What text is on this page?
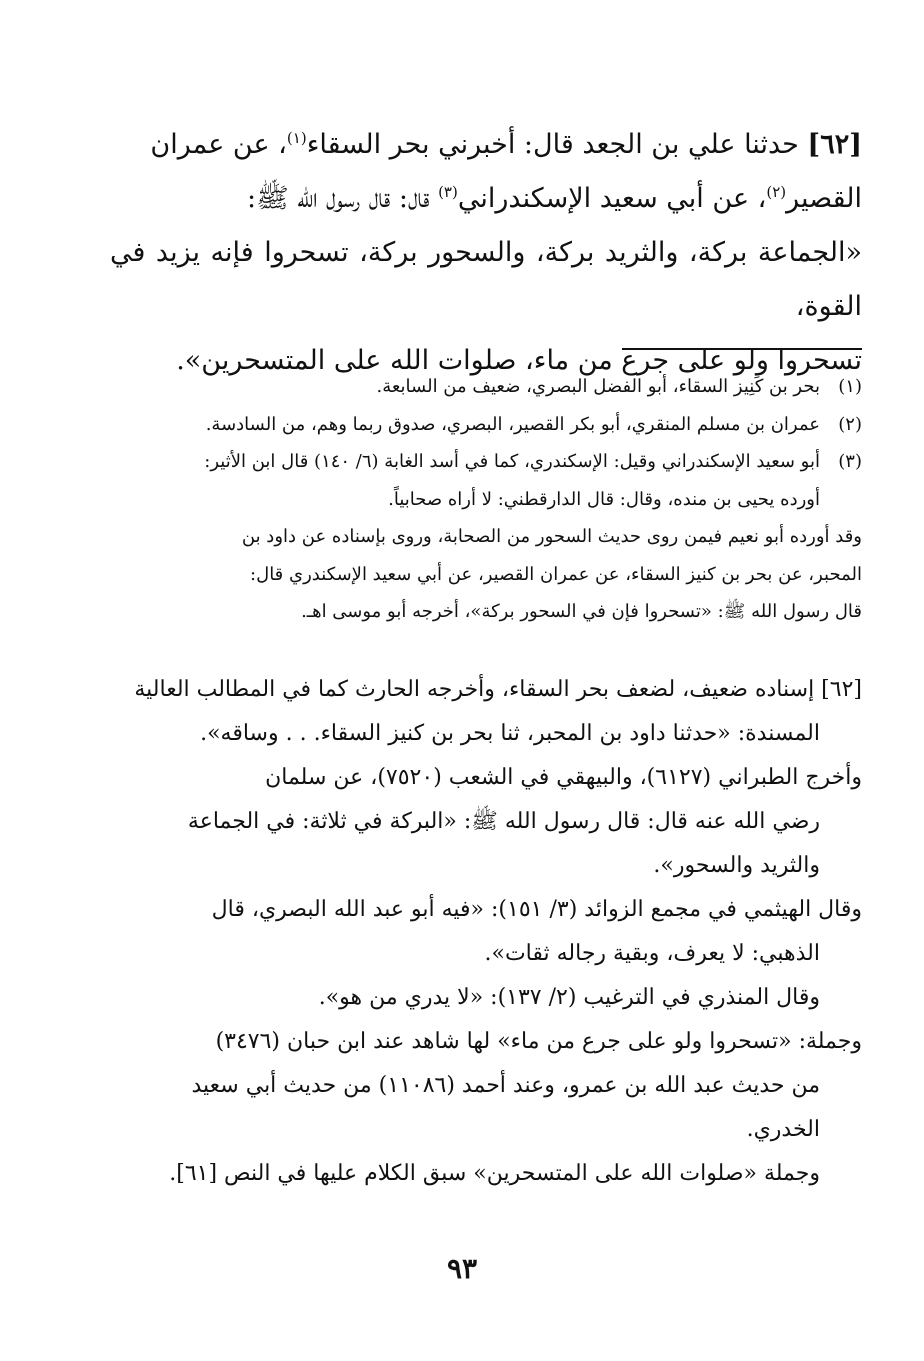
[٦٢] حدثنا علي بن الجعد قال: أخبرني بحر السقاء$^{(١)}$، عن عمران

القصير$^{(٢)}$، عن أبي سعيد الإسكندراني$^{(٣)}$ قال: قال رسول الله ﷺ:

«الجماعة بركة، والثريد بركة، والسحور بركة، تسحروا فإنه يزيد في القوة،

تسحروا ولو على جرع من ماء، صلوات الله على المتسحرين».

(١)
بحر بن كَنِيز السقاء، أبو الفضل البصري، ضعيف من السابعة.
(٢)
عمران بن مسلم المنقري، أبو بكر القصير، البصري، صدوق ربما وهم، من السادسة.
(٣)
أبو سعيد الإسكندراني وقيل: الإسكندري، كما في أسد الغابة (٦/ ١٤٠) قال ابن الأثير:
أورده يحيى بن منده، وقال: قال الدارقطني: لا أراه صحابياً.
وقد أورده أبو نعيم فيمن روى حديث السحور من الصحابة، وروى بإسناده عن داود بن
المحبر، عن بحر بن كنيز السقاء، عن عمران القصير، عن أبي سعيد الإسكندري قال:
قال رسول الله ﷺ: «تسحروا فإن في السحور بركة»، أخرجه أبو موسى اهـ.

[٦٢] إسناده ضعيف، لضعف بحر السقاء، وأخرجه الحارث كما في المطالب العالية

المسندة: «حدثنا داود بن المحبر، ثنا بحر بن كنيز السقاء. . . وساقه».

وأخرج الطبراني (٦١٢٧)، والبيهقي في الشعب (٧٥٢٠)، عن سلمان

رضي الله عنه قال: قال رسول الله ﷺ: «البركة في ثلاثة: في الجماعة

والثريد والسحور».

وقال الهيثمي في مجمع الزوائد (٣/ ١٥١): «فيه أبو عبد الله البصري، قال

الذهبي: لا يعرف، وبقية رجاله ثقات».

وقال المنذري في الترغيب (٢/ ١٣٧): «لا يدري من هو».

وجملة: «تسحروا ولو على جرع من ماء» لها شاهد عند ابن حبان (٣٤٧٦)

من حديث عبد الله بن عمرو، وعند أحمد (١١٠٨٦) من حديث أبي سعيد

الخدري.

وجملة «صلوات الله على المتسحرين» سبق الكلام عليها في النص [٦١].

٩٣
